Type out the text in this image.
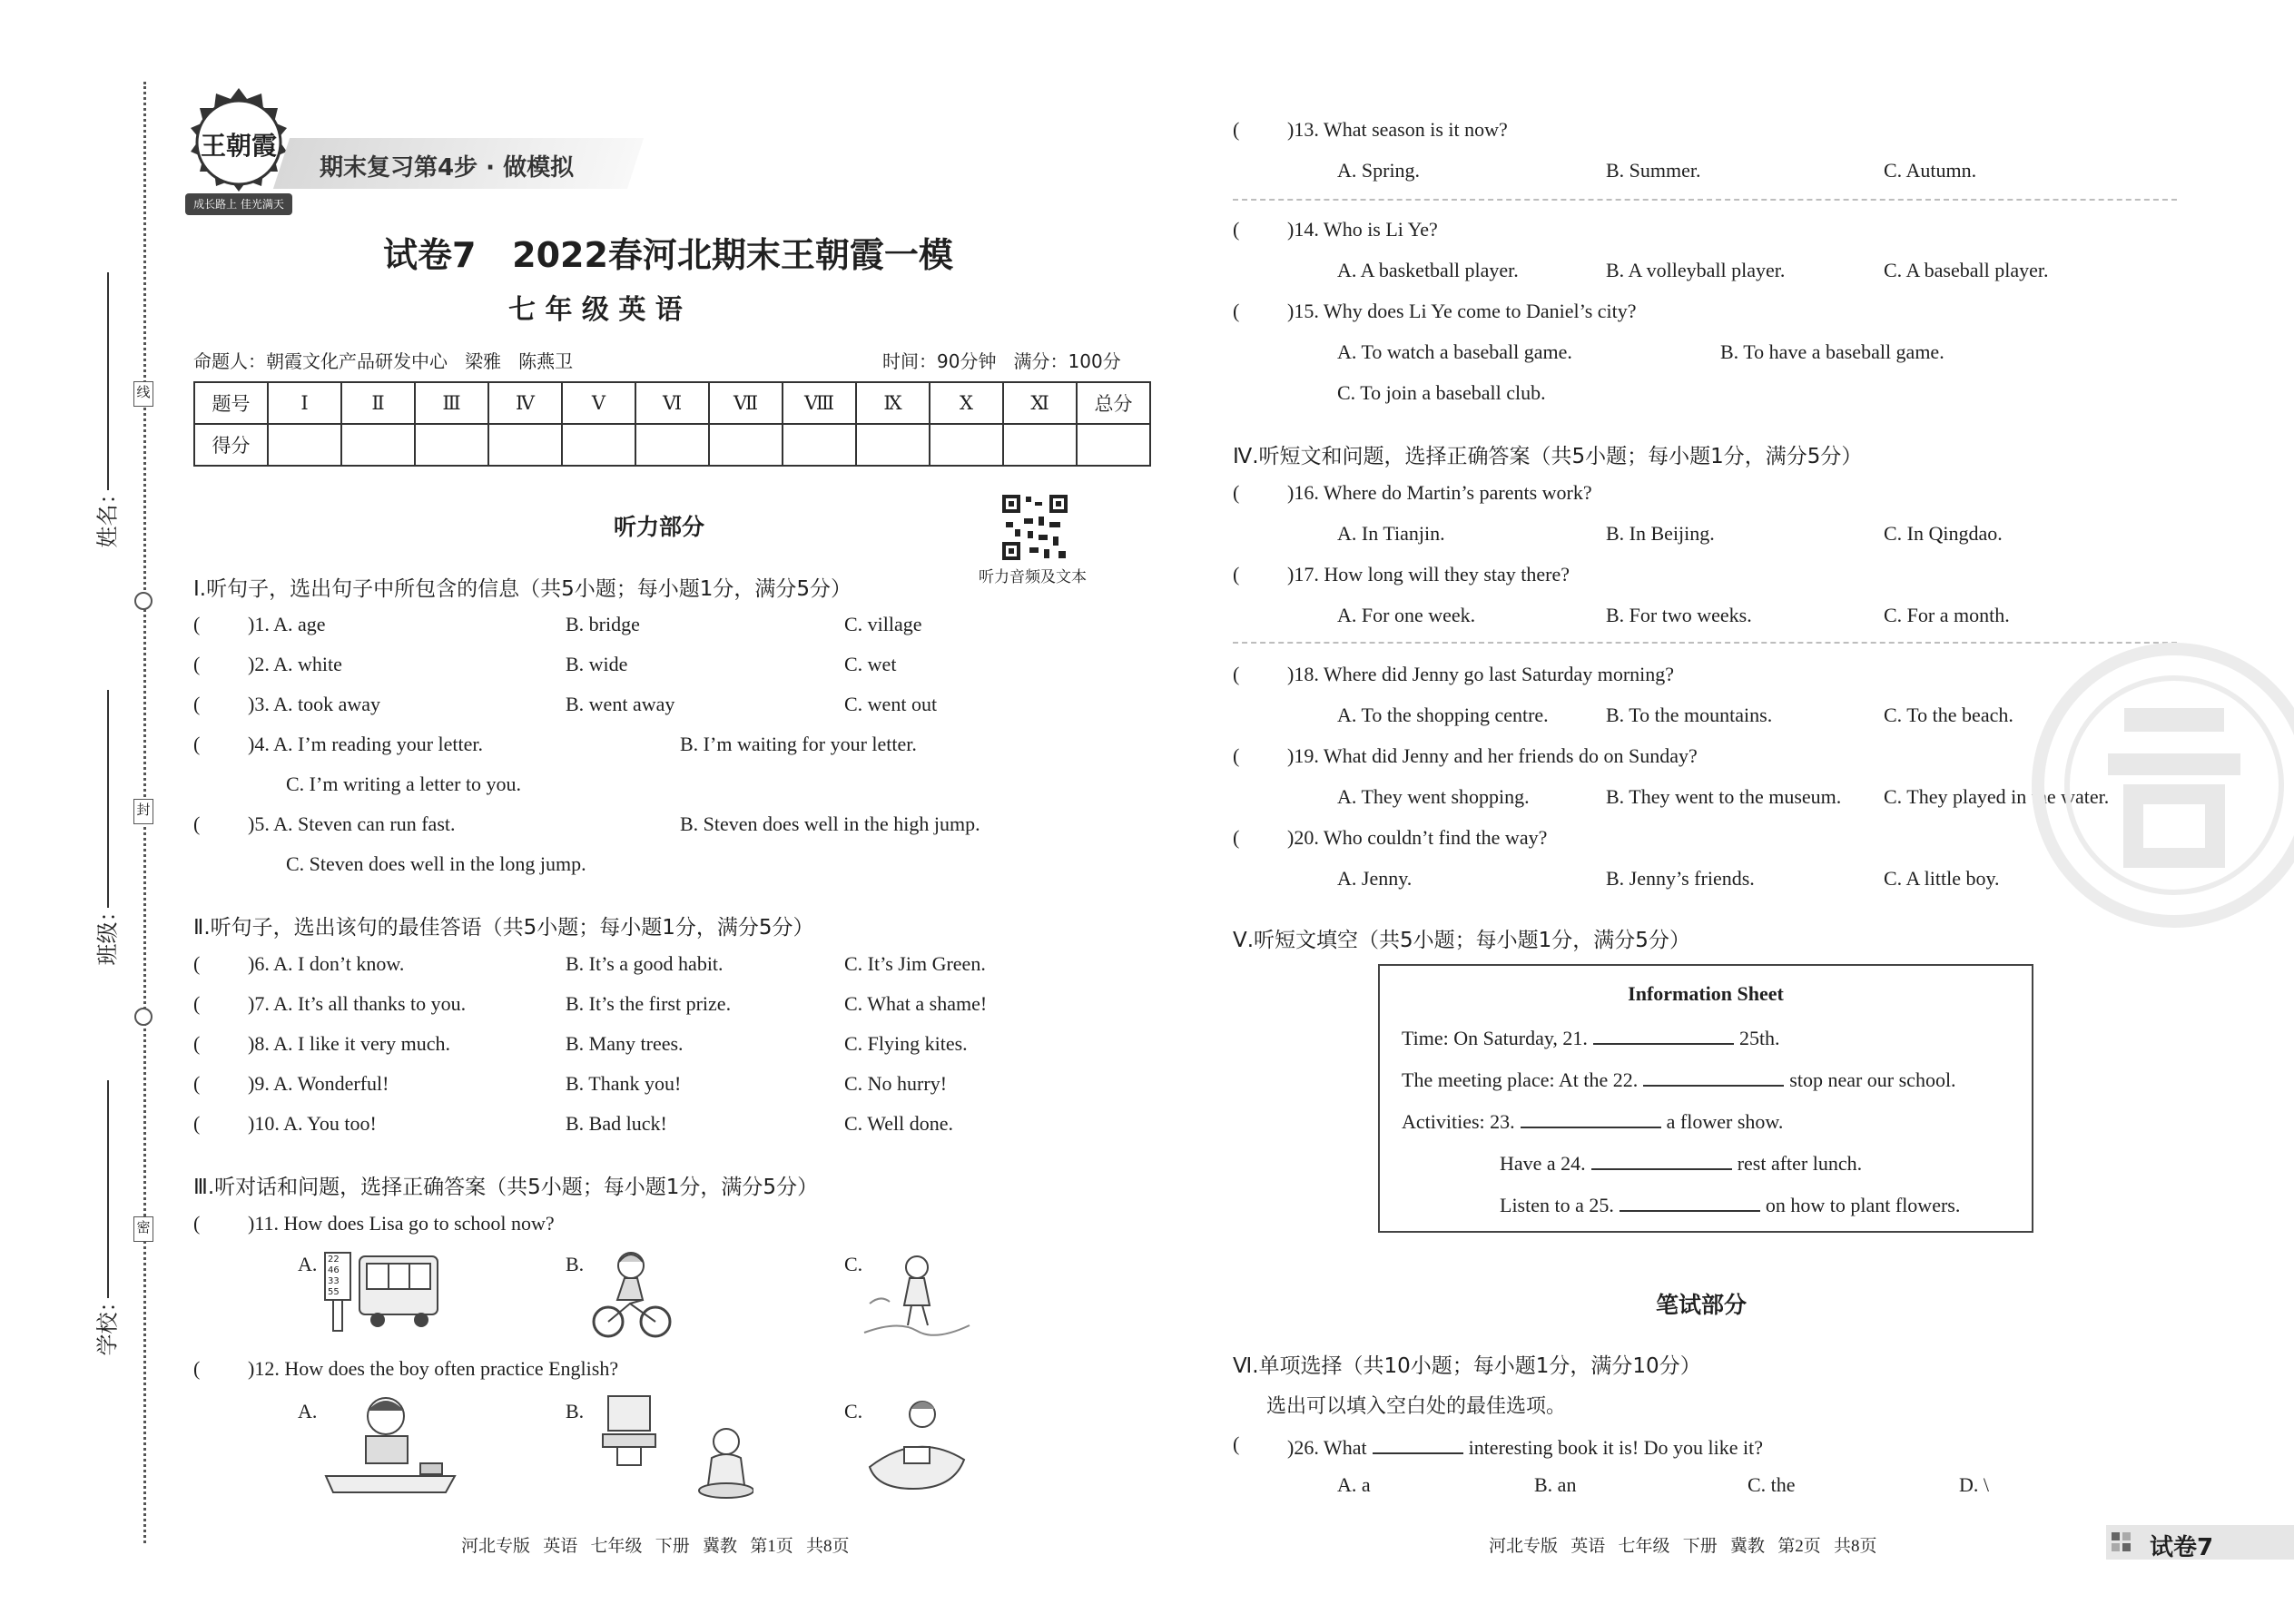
线
封
密
姓名：
班级：
学校：
王朝霞
成长路上 佳光满天
期末复习第4步 · 做模拟
试卷7   2022春河北期末王朝霞一模
七 年 级 英 语
命题人：朝霞文化产品研发中心   梁雅   陈燕卫	时间：90分钟   满分：100分
题号	Ⅰ	Ⅱ	Ⅲ	Ⅳ	Ⅴ	Ⅵ	Ⅶ	Ⅷ	Ⅸ	Ⅹ	Ⅺ	总分
得分												
听力部分
听力音频及文本
Ⅰ.听句子，选出句子中所包含的信息（共5小题；每小题1分，满分5分）
( )1. A. age	B. bridge	C. village
( )2. A. white	B. wide	C. wet
( )3. A. took away	B. went away	C. went out
( )4. A. I’m reading your letter.	B. I’m waiting for your letter.
C. I’m writing a letter to you.
( )5. A. Steven can run fast.	B. Steven does well in the high jump.
C. Steven does well in the long jump.
Ⅱ.听句子，选出该句的最佳答语（共5小题；每小题1分，满分5分）
( )6. A. I don’t know.	B. It’s a good habit.	C. It’s Jim Green.
( )7. A. It’s all thanks to you.	B. It’s the first prize.	C. What a shame!
( )8. A. I like it very much.	B. Many trees.	C. Flying kites.
( )9. A. Wonderful!	B. Thank you!	C. No hurry!
( )10. A. You too!	B. Bad luck!	C. Well done.
Ⅲ.听对话和问题，选择正确答案（共5小题；每小题1分，满分5分）
( )11. How does Lisa go to school now?
A.	B.	C.
22
46
33
55
( )12. How does the boy often practice English?
A.	B.	C.
( )13. What season is it now?
A. Spring.	B. Summer.	C. Autumn.
( )14. Who is Li Ye?
A. A basketball player.	B. A volleyball player.	C. A baseball player.
( )15. Why does Li Ye come to Daniel’s city?
A. To watch a baseball game.	B. To have a baseball game.
C. To join a baseball club.
Ⅳ.听短文和问题，选择正确答案（共5小题；每小题1分，满分5分）
( )16. Where do Martin’s parents work?
A. In Tianjin.	B. In Beijing.	C. In Qingdao.
( )17. How long will they stay there?
A. For one week.	B. For two weeks.	C. For a month.
( )18. Where did Jenny go last Saturday morning?
A. To the shopping centre.	B. To the mountains.	C. To the beach.
( )19. What did Jenny and her friends do on Sunday?
A. They went shopping.	B. They went to the museum. C. They played in the water.
( )20. Who couldn’t find the way?
A. Jenny.	B. Jenny’s friends.	C. A little boy.
Ⅴ.听短文填空（共5小题；每小题1分，满分5分）
Information Sheet
Time: On Saturday, 21.	25th.
The meeting place: At the 22.	stop near our school.
Activities: 23.	a flower show.
Have a 24.	rest after lunch.
Listen to a 25.	on how to plant flowers.
笔试部分
Ⅵ.单项选择（共10小题；每小题1分，满分10分）
选出可以填入空白处的最佳选项。
( )26. What	interesting book it is! Do you like it?
A. a	B. an	C. the	D. \
河北专版   英语   七年级   下册   冀教   第1页   共8页	河北专版   英语   七年级   下册   冀教   第2页   共8页	试卷7
